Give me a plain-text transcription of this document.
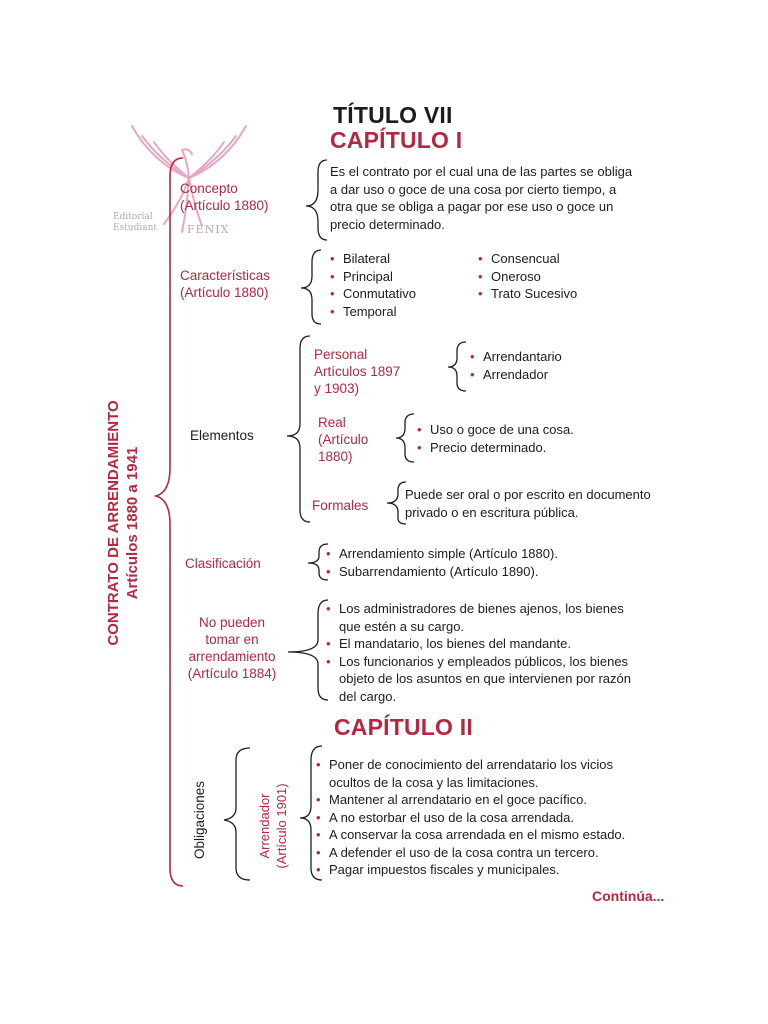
Editorial
Estudiant	FENIX
TÍTULO VII
CAPÍTULO I
CONTRATO DE ARRENDAMIENTO Artículos 1880 a 1941
Concepto
(Artículo 1880)
Es el contrato por el cual una de las partes se obliga
a dar uso o goce de una cosa por cierto tiempo, a
otra que se obliga a pagar por ese uso o goce un
precio determinado.
Características
(Artículo 1880)
• Bilateral
• Principal
• Conmutativo
• Temporal
• Consencual
• Oneroso
• Trato Sucesivo
Elementos
Personal
Artículos 1897
y 1903)
• Arrendantario
• Arrendador
Real
(Artículo
1880)
• Uso o goce de una cosa.
• Precio determinado.
Formales
Puede ser oral o por escrito en documento
privado o en escritura pública.
Clasificación
• Arrendamiento simple (Artículo 1880).
• Subarrendamiento (Artículo 1890).
No pueden
tomar en
arrendamiento
(Artículo 1884)
• Los administradores de bienes ajenos, los bienes
que estén a su cargo.
• El mandatario, los bienes del mandante.
• Los funcionarios y empleados públicos, los bienes
objeto de los asuntos en que intervienen por razón
del cargo.
CAPÍTULO II
Obligaciones	Arrendador (Artículo 1901)
• Poner de conocimiento del arrendatario los vicios
ocultos de la cosa y las limitaciones.
• Mantener al arrendatario en el goce pacífico.
• A no estorbar el uso de la cosa arrendada.
• A conservar la cosa arrendada en el mismo estado.
• A defender el uso de la cosa contra un tercero.
• Pagar impuestos fiscales y municipales.
Continúa...
